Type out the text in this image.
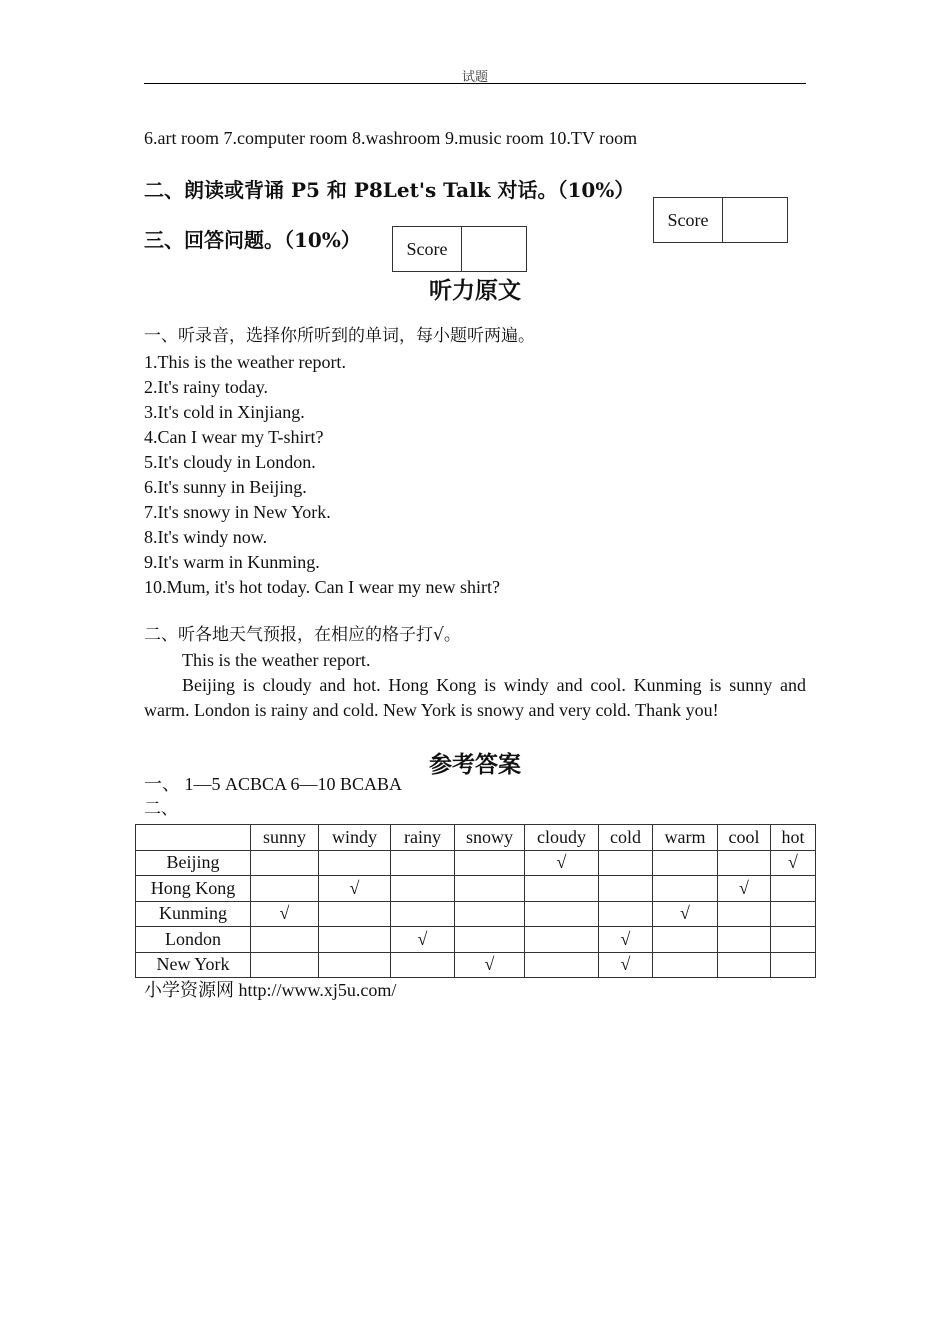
试题
6.art room 7.computer room 8.washroom 9.music room 10.TV room
二、朗读或背诵 P5 和 P8Let's Talk 对话。（10%）
Score
三、回答问题。（10%）	Score
听力原文
一、听录音，选择你所听到的单词，每小题听两遍。
1.This is the weather report.
2.It's rainy today.
3.It's cold in Xinjiang.
4.Can I wear my T-shirt?
5.It's cloudy in London.
6.It's sunny in Beijing.
7.It's snowy in New York.
8.It's windy now.
9.It's warm in Kunming.
10.Mum, it's hot today. Can I wear my new shirt?
二、听各地天气预报，在相应的格子打√。
This is the weather report.
Beijing is cloudy and hot. Hong Kong is windy and cool. Kunming is sunny and warm. London is rainy and cold. New York is snowy and very cold. Thank you!
参考答案
一、 1—5 ACBCA 6—10 BCABA
二、
	sunny	windy	rainy	snowy	cloudy	cold	warm	cool	hot
Beijing					√				√
Hong Kong		√						√	
Kunming	√						√		
London			√			√			
New York				√		√			
小学资源网 http://www.xj5u.com/
